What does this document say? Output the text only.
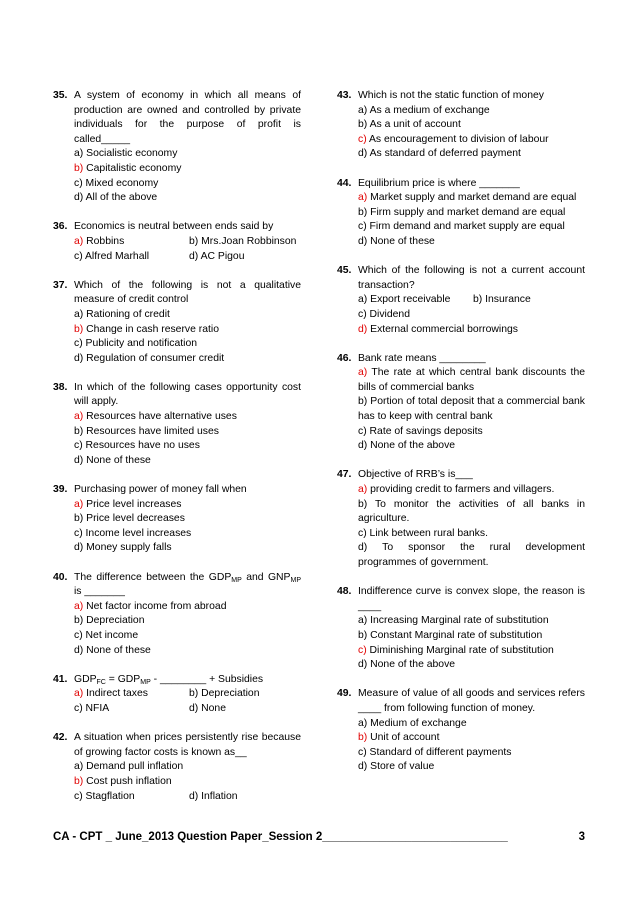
35. A system of economy in which all means of production are owned and controlled by private individuals for the purpose of profit is called_____
a) Socialistic economy
b) Capitalistic economy
c) Mixed economy
d) All of the above
36. Economics is neutral between ends said by
a) Robbins	b) Mrs.Joan Robbinson
c) Alfred Marhall	d) AC Pigou
37. Which of the following is not a qualitative measure of credit control
a) Rationing of credit
b) Change in cash reserve ratio
c) Publicity and notification
d) Regulation of consumer credit
38. In which of the following cases opportunity cost will apply.
a) Resources have alternative uses
b) Resources have limited uses
c) Resources have no uses
d) None of these
39. Purchasing power of money fall when
a) Price level increases
b) Price level decreases
c) Income level increases
d) Money supply falls
40. The difference between the $GDP_{MP}$ and $GNP_{MP}$ is _______
a) Net factor income from abroad
b) Depreciation
c) Net income
d) None of these
41. $GDP_{FC} = GDP_{MP}$ - ________ + Subsidies
a) Indirect taxes	b) Depreciation
c) NFIA	d) None
42. A situation when prices persistently rise because of growing factor costs is known as__
a) Demand pull inflation
b) Cost push inflation
c) Stagflation	d) Inflation
43. Which is not the static function of money
a) As a medium of exchange
b) As a unit of account
c) As encouragement to division of labour
d) As standard of deferred payment
44. Equilibrium price is where _______
a) Market supply and market demand are equal
b) Firm supply and market demand are equal
c) Firm demand and market supply are equal
d) None of these
45. Which of the following is not a current account transaction?
a) Export receivable	b) Insurance
c) Dividend
d) External commercial borrowings
46. Bank rate means ________
a) The rate at which central bank discounts the bills of commercial banks
b) Portion of total deposit that a commercial bank has to keep with central bank
c) Rate of savings deposits
d) None of the above
47. Objective of RRB’s is___
a) providing credit to farmers and villagers.
b) To monitor the activities of all banks in agriculture.
c) Link between rural banks.
d) To sponsor the rural development programmes of government.
48. Indifference curve is convex slope, the reason is ____
a) Increasing Marginal rate of substitution
b) Constant Marginal rate of substitution
c) Diminishing Marginal rate of substitution
d) None of the above
49. Measure of value of all goods and services refers ____ from following function of money.
a) Medium of exchange
b) Unit of account
c) Standard of different payments
d) Store of value
CA - CPT _ June_2013 Question Paper_Session 2_____________________________	3
